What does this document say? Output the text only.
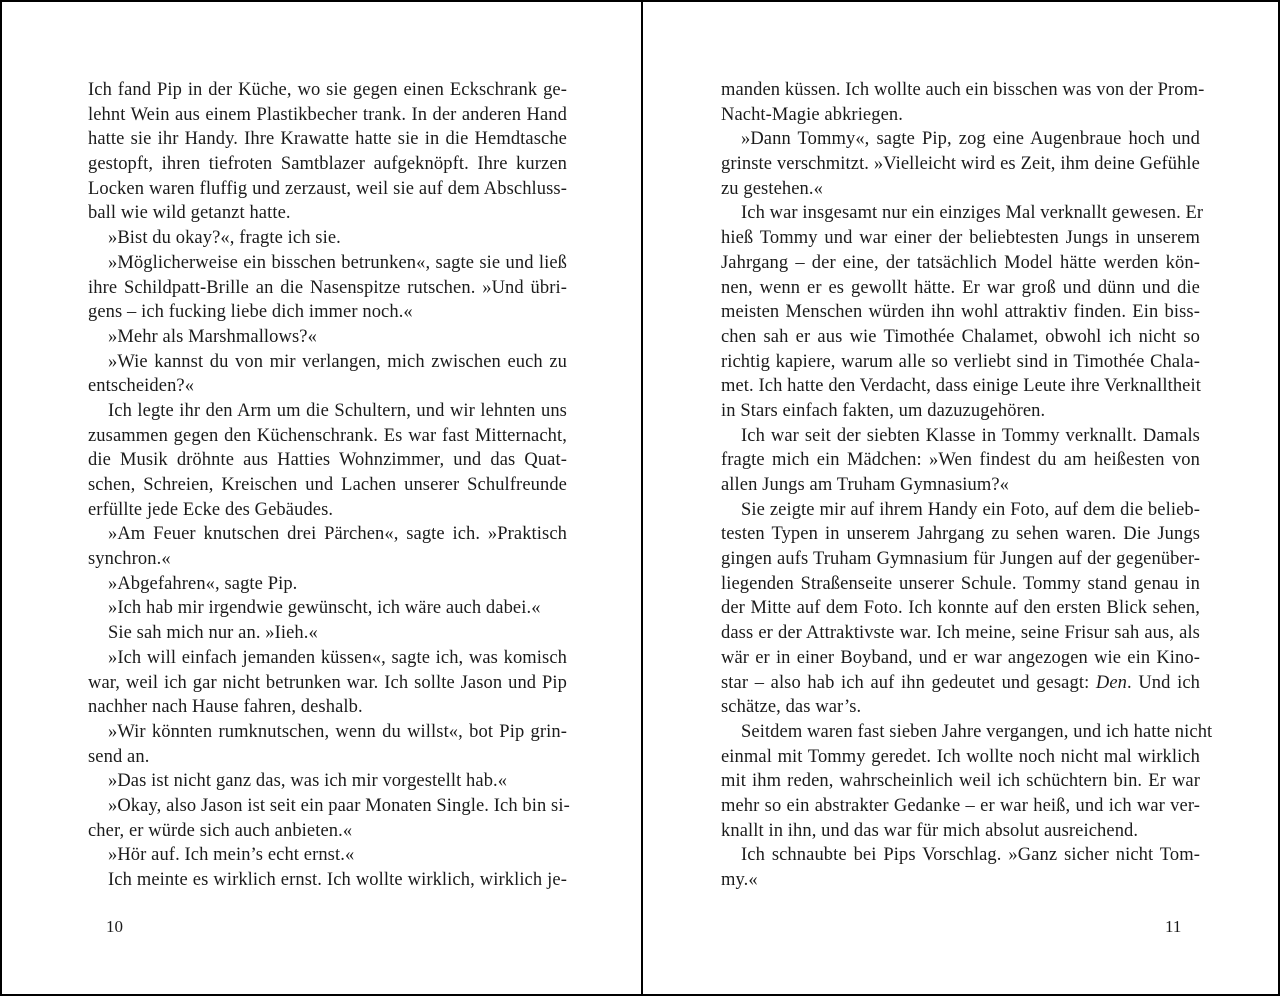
Ich fand Pip in der Küche, wo sie gegen einen Eckschrank ge-
lehnt Wein aus einem Plastikbecher trank. In der anderen Hand
hatte sie ihr Handy. Ihre Krawatte hatte sie in die Hemdtasche
gestopft, ihren tiefroten Samtblazer aufgeknöpft. Ihre kurzen
Locken waren fluffig und zerzaust, weil sie auf dem Abschluss-
ball wie wild getanzt hatte.
»Bist du okay?«, fragte ich sie.
»Möglicherweise ein bisschen betrunken«, sagte sie und ließ
ihre Schildpatt-Brille an die Nasenspitze rutschen. »Und übri-
gens – ich fucking liebe dich immer noch.«
»Mehr als Marshmallows?«
»Wie kannst du von mir verlangen, mich zwischen euch zu
entscheiden?«
Ich legte ihr den Arm um die Schultern, und wir lehnten uns
zusammen gegen den Küchenschrank. Es war fast Mitternacht,
die Musik dröhnte aus Hatties Wohnzimmer, und das Quat-
schen, Schreien, Kreischen und Lachen unserer Schulfreunde
erfüllte jede Ecke des Gebäudes.
»Am Feuer knutschen drei Pärchen«, sagte ich. »Praktisch
synchron.«
»Abgefahren«, sagte Pip.
»Ich hab mir irgendwie gewünscht, ich wäre auch dabei.«
Sie sah mich nur an. »Iieh.«
»Ich will einfach jemanden küssen«, sagte ich, was komisch
war, weil ich gar nicht betrunken war. Ich sollte Jason und Pip
nachher nach Hause fahren, deshalb.
»Wir könnten rumknutschen, wenn du willst«, bot Pip grin-
send an.
»Das ist nicht ganz das, was ich mir vorgestellt hab.«
»Okay, also Jason ist seit ein paar Monaten Single. Ich bin si-
cher, er würde sich auch anbieten.«
»Hör auf. Ich mein’s echt ernst.«
Ich meinte es wirklich ernst. Ich wollte wirklich, wirklich je-
manden küssen. Ich wollte auch ein bisschen was von der Prom-
Nacht-Magie abkriegen.
»Dann Tommy«, sagte Pip, zog eine Augenbraue hoch und
grinste verschmitzt. »Vielleicht wird es Zeit, ihm deine Gefühle
zu gestehen.«
Ich war insgesamt nur ein einziges Mal verknallt gewesen. Er
hieß Tommy und war einer der beliebtesten Jungs in unserem
Jahrgang – der eine, der tatsächlich Model hätte werden kön-
nen, wenn er es gewollt hätte. Er war groß und dünn und die
meisten Menschen würden ihn wohl attraktiv finden. Ein biss-
chen sah er aus wie Timothée Chalamet, obwohl ich nicht so
richtig kapiere, warum alle so verliebt sind in Timothée Chala-
met. Ich hatte den Verdacht, dass einige Leute ihre Verknalltheit
in Stars einfach fakten, um dazuzugehören.
Ich war seit der siebten Klasse in Tommy verknallt. Damals
fragte mich ein Mädchen: »Wen findest du am heißesten von
allen Jungs am Truham Gymnasium?«
Sie zeigte mir auf ihrem Handy ein Foto, auf dem die belieb-
testen Typen in unserem Jahrgang zu sehen waren. Die Jungs
gingen aufs Truham Gymnasium für Jungen auf der gegenüber-
liegenden Straßenseite unserer Schule. Tommy stand genau in
der Mitte auf dem Foto. Ich konnte auf den ersten Blick sehen,
dass er der Attraktivste war. Ich meine, seine Frisur sah aus, als
wär er in einer Boyband, und er war angezogen wie ein Kino-
star – also hab ich auf ihn gedeutet und gesagt: Den. Und ich
schätze, das war’s.
Seitdem waren fast sieben Jahre vergangen, und ich hatte nicht
einmal mit Tommy geredet. Ich wollte noch nicht mal wirklich
mit ihm reden, wahrscheinlich weil ich schüchtern bin. Er war
mehr so ein abstrakter Gedanke – er war heiß, und ich war ver-
knallt in ihn, und das war für mich absolut ausreichend.
Ich schnaubte bei Pips Vorschlag. »Ganz sicher nicht Tom-
my.«
10	11
